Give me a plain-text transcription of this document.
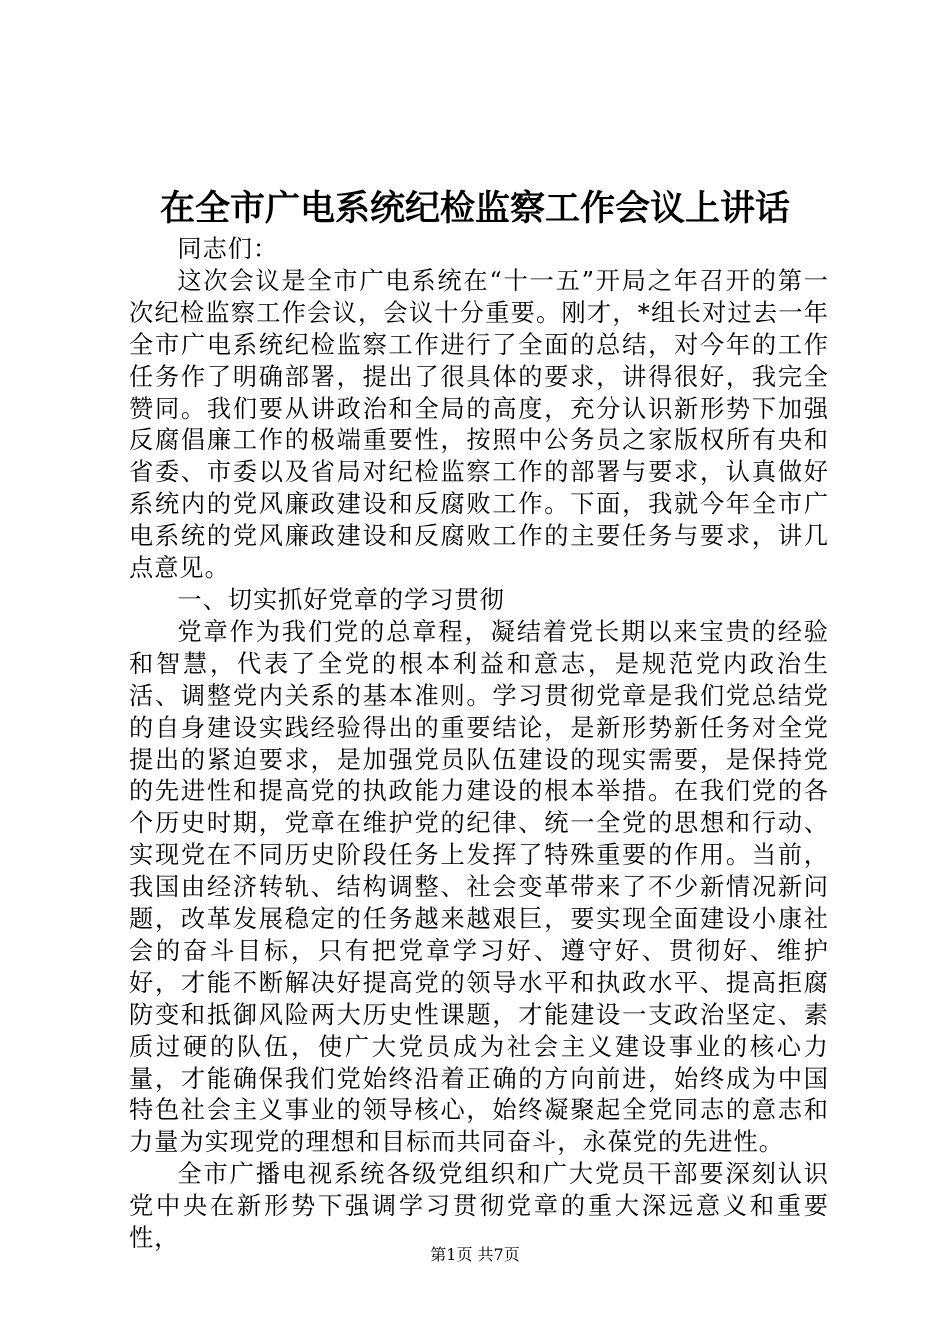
在全市广电系统纪检监察工作会议上讲话

同志们：

这次会议是全市广电系统在“十一五”开局之年召开的第一次纪检监察工作会议，会议十分重要。刚才，*组长对过去一年全市广电系统纪检监察工作进行了全面的总结，对今年的工作任务作了明确部署，提出了很具体的要求，讲得很好，我完全赞同。我们要从讲政治和全局的高度，充分认识新形势下加强反腐倡廉工作的极端重要性，按照中公务员之家版权所有央和省委、市委以及省局对纪检监察工作的部署与要求，认真做好系统内的党风廉政建设和反腐败工作。下面，我就今年全市广电系统的党风廉政建设和反腐败工作的主要任务与要求，讲几点意见。

一、切实抓好党章的学习贯彻

党章作为我们党的总章程，凝结着党长期以来宝贵的经验和智慧，代表了全党的根本利益和意志，是规范党内政治生活、调整党内关系的基本准则。学习贯彻党章是我们党总结党的自身建设实践经验得出的重要结论，是新形势新任务对全党提出的紧迫要求，是加强党员队伍建设的现实需要，是保持党的先进性和提高党的执政能力建设的根本举措。在我们党的各个历史时期，党章在维护党的纪律、统一全党的思想和行动、实现党在不同历史阶段任务上发挥了特殊重要的作用。当前，我国由经济转轨、结构调整、社会变革带来了不少新情况新问题，改革发展稳定的任务越来越艰巨，要实现全面建设小康社会的奋斗目标，只有把党章学习好、遵守好、贯彻好、维护好，才能不断解决好提高党的领导水平和执政水平、提高拒腐防变和抵御风险两大历史性课题，才能建设一支政治坚定、素质过硬的队伍，使广大党员成为社会主义建设事业的核心力量，才能确保我们党始终沿着正确的方向前进，始终成为中国特色社会主义事业的领导核心，始终凝聚起全党同志的意志和力量为实现党的理想和目标而共同奋斗，永葆党的先进性。

全市广播电视系统各级党组织和广大党员干部要深刻认识党中央在新形势下强调学习贯彻党章的重大深远意义和重要性，

第1页 共7页
